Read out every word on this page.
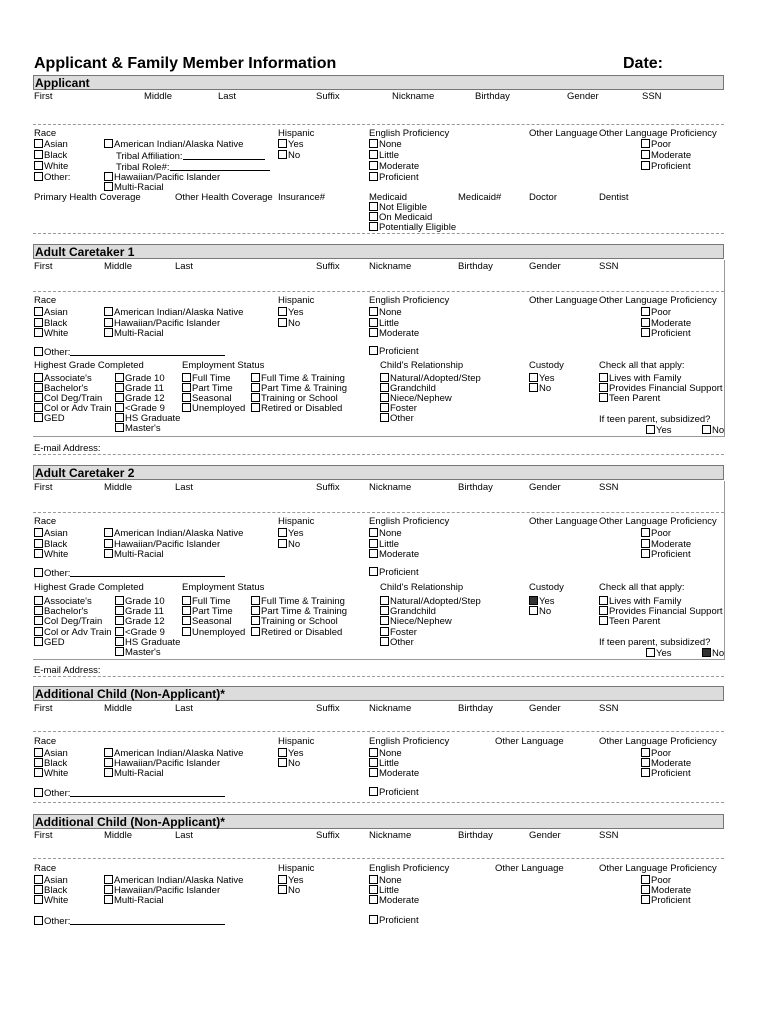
Applicant & Family Member Information	Date:
Applicant
First	Middle	Last	Suffix	Nickname	Birthday	Gender	SSN
Race
Asian
Black
White
Other:
American Indian/Alaska Native
Tribal Affiliation:
Tribal Role#:
Hawaiian/Pacific Islander
Multi-Racial
Hispanic
Yes
No
English Proficiency
None
Little
Moderate
Proficient
Other Language Other Language Proficiency
Poor
Moderate
Proficient
Primary Health Coverage	Other Health Coverage Insurance#	Medicaid	Medicaid#	Doctor	Dentist
Not Eligible
On Medicaid
Potentially Eligible
Adult Caretaker 1
First	Middle	Last	Suffix	Nickname	Birthday	Gender	SSN
Race
Asian
Black
White
American Indian/Alaska Native
Hawaiian/Pacific Islander
Multi-Racial
Hispanic
Yes
No
English Proficiency
None
Little
Moderate
Other Language Other Language Proficiency
Poor
Moderate
Proficient
Other:	Proficient
Highest Grade Completed	Employment Status	Child's Relationship	Custody	Check all that apply:
Associate's
Bachelor's
Col Deg/Train
Col or Adv Train
GED
Grade 10
Grade 11
Grade 12
<Grade 9
HS Graduate
Master's
Full Time
Part Time
Seasonal
Unemployed
Full Time & Training
Part Time & Training
Training or School
Retired or Disabled
Natural/Adopted/Step
Grandchild
Niece/Nephew
Foster
Other
Yes
No
Lives with Family
Provides Financial Support
Teen Parent
If teen parent, subsidized?
Yes	No
E-mail Address:
Adult Caretaker 2
First	Middle	Last	Suffix	Nickname	Birthday	Gender	SSN
Race
Asian
Black
White
American Indian/Alaska Native
Hawaiian/Pacific Islander
Multi-Racial
Hispanic
Yes
No
English Proficiency
None
Little
Moderate
Other Language Other Language Proficiency
Poor
Moderate
Proficient
Other:	Proficient
Highest Grade Completed	Employment Status	Child's Relationship	Custody	Check all that apply:
Associate's
Bachelor's
Col Deg/Train
Col or Adv Train
GED
Grade 10
Grade 11
Grade 12
<Grade 9
HS Graduate
Master's
Full Time
Part Time
Seasonal
Unemployed
Full Time & Training
Part Time & Training
Training or School
Retired or Disabled
Natural/Adopted/Step
Grandchild
Niece/Nephew
Foster
Other
Yes
No
Lives with Family
Provides Financial Support
Teen Parent
If teen parent, subsidized?
Yes	No
E-mail Address:
Additional Child (Non-Applicant)*
First	Middle	Last	Suffix	Nickname	Birthday	Gender	SSN
Race
Asian
Black
White
American Indian/Alaska Native
Hawaiian/Pacific Islander
Multi-Racial
Hispanic
Yes
No
English Proficiency
None
Little
Moderate
Other Language	Other Language Proficiency
Poor
Moderate
Proficient
Other:	Proficient
Additional Child (Non-Applicant)*
First	Middle	Last	Suffix	Nickname	Birthday	Gender	SSN
Race
Asian
Black
White
American Indian/Alaska Native
Hawaiian/Pacific Islander
Multi-Racial
Hispanic
Yes
No
English Proficiency
None
Little
Moderate
Other Language	Other Language Proficiency
Poor
Moderate
Proficient
Other:	Proficient
